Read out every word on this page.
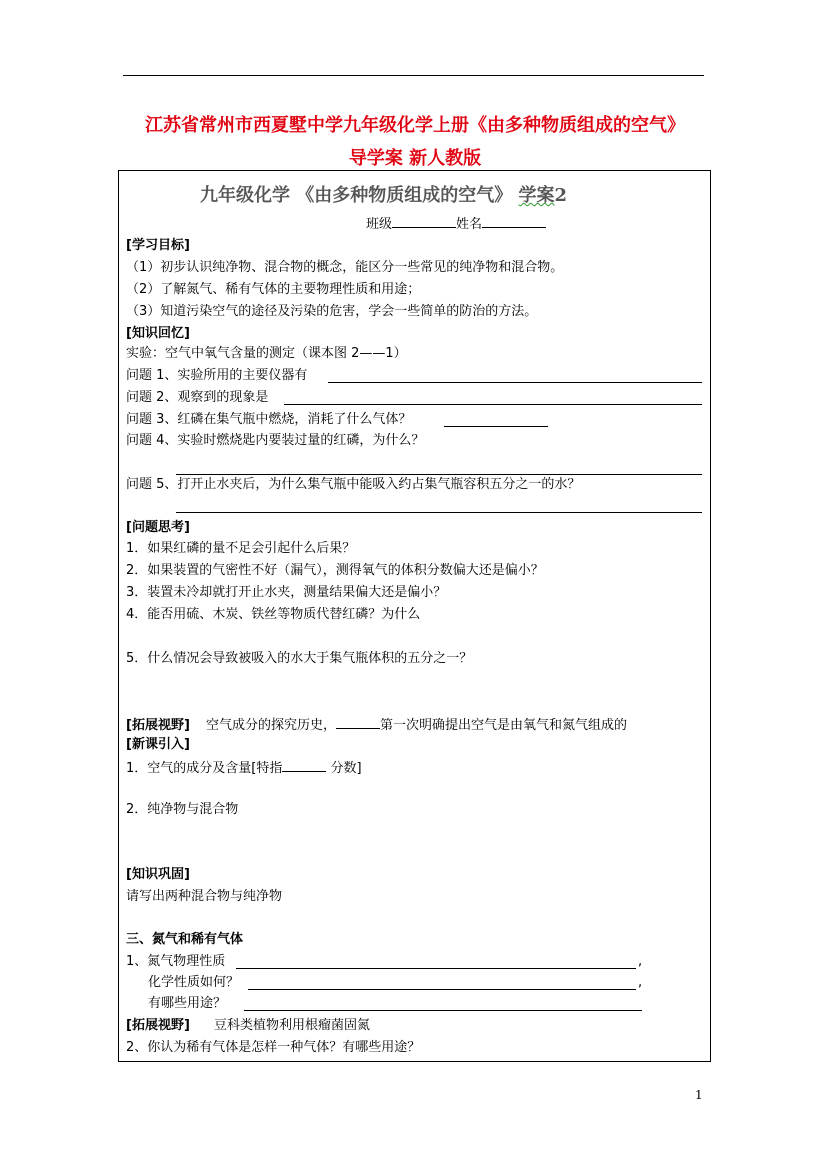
江苏省常州市西夏墅中学九年级化学上册《由多种物质组成的空气》
导学案 新人教版
九年级化学 《由多种物质组成的空气》 学案2
班级	姓名
[学习目标]
（1）初步认识纯净物、混合物的概念，能区分一些常见的纯净物和混合物。
（2）了解氮气、稀有气体的主要物理性质和用途；
（3）知道污染空气的途径及污染的危害，学会一些简单的防治的方法。
[知识回忆]
实验：空气中氧气含量的测定（课本图 2——1）
问题 1、实验所用的主要仪器有
问题 2、观察到的现象是
问题 3、红磷在集气瓶中燃烧，消耗了什么气体？
问题 4、实验时燃烧匙内要装过量的红磷，为什么？
问题 5、打开止水夹后，为什么集气瓶中能吸入约占集气瓶容积五分之一的水？
[问题思考]
1．如果红磷的量不足会引起什么后果？
2．如果装置的气密性不好（漏气），测得氧气的体积分数偏大还是偏小？
3．装置未冷却就打开止水夹，测量结果偏大还是偏小？
4．能否用硫、木炭、铁丝等物质代替红磷？为什么
5．什么情况会导致被吸入的水大于集气瓶体积的五分之一？
[拓展视野] 空气成分的探究历史，	第一次明确提出空气是由氧气和氮气组成的
[新课引入]
1．空气的成分及含量[特指	分数]
2．纯净物与混合物
[知识巩固]
请写出两种混合物与纯净物
三、氮气和稀有气体
1、氮气物理性质	,
化学性质如何？	,
有哪些用途？
[拓展视野] 豆科类植物利用根瘤菌固氮
2、你认为稀有气体是怎样一种气体？有哪些用途？
1
